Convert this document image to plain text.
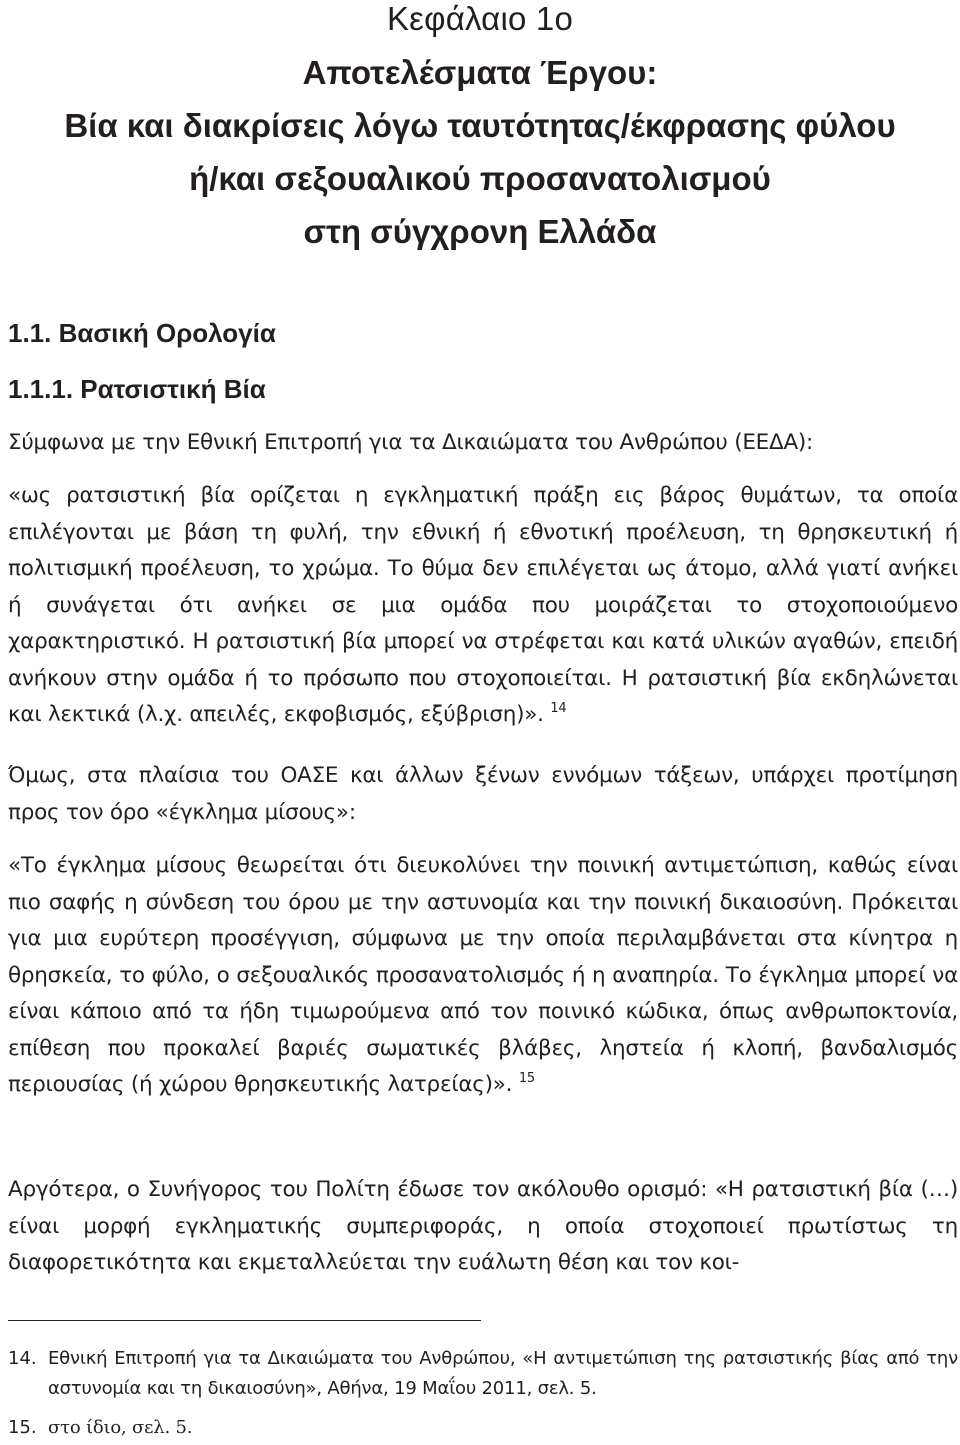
Κεφάλαιο 1ο
Αποτελέσματα Έργου:
Βία και διακρίσεις λόγω ταυτότητας/έκφρασης φύλου
ή/και σεξουαλικού προσανατολισμού
στη σύγχρονη Ελλάδα
1.1. Βασική Ορολογία
1.1.1. Ρατσιστική Βία

Σύμφωνα με την Εθνική Επιτροπή για τα Δικαιώματα του Ανθρώπου (ΕΕΔΑ):

«ως ρατσιστική βία ορίζεται η εγκληματική πράξη εις βάρος θυμάτων, τα οποία επιλέγονται με βάση τη φυλή, την εθνική ή εθνοτική προέλευση, τη θρησκευτική ή πολιτισμική προέλευση, το χρώμα. Το θύμα δεν επιλέγεται ως άτομο, αλλά γιατί ανήκει ή συνάγεται ότι ανήκει σε μια ομάδα που μοιράζεται το στοχοποιούμενο χαρακτηριστικό. Η ρατσιστική βία μπορεί να στρέφεται και κατά υλικών αγαθών, επειδή ανήκουν στην ομάδα ή το πρόσωπο που στοχοποιείται. Η ρατσιστική βία εκδηλώνεται και λεκτικά (λ.χ. απειλές, εκφοβισμός, εξύβριση)». $^{14}$

Όμως, στα πλαίσια του ΟΑΣΕ και άλλων ξένων εννόμων τάξεων, υπάρχει προτίμηση προς τον όρο «έγκλημα μίσους»:

«Το έγκλημα μίσους θεωρείται ότι διευκολύνει την ποινική αντιμετώπιση, καθώς είναι πιο σαφής η σύνδεση του όρου με την αστυνομία και την ποινική δικαιοσύνη. Πρόκειται για μια ευρύτερη προσέγγιση, σύμφωνα με την οποία περιλαμβάνεται στα κίνητρα η θρησκεία, το φύλο, ο σεξουαλικός προσανατολισμός ή η αναπηρία. Το έγκλημα μπορεί να είναι κάποιο από τα ήδη τιμωρούμενα από τον ποινικό κώδικα, όπως ανθρωποκτονία, επίθεση που προκαλεί βαριές σωματικές βλάβες, ληστεία ή κλοπή, βανδαλισμός περιουσίας (ή χώρου θρησκευτικής λατρείας)». $^{15}$

Αργότερα, ο Συνήγορος του Πολίτη έδωσε τον ακόλουθο ορισμό: «Η ρατσιστική βία (…) είναι μορφή εγκληματικής συμπεριφοράς, η οποία στοχοποιεί πρωτίστως τη διαφορετικότητα και εκμεταλλεύεται την ευάλωτη θέση και τον κοι-

14. Εθνική Επιτροπή για τα Δικαιώματα του Ανθρώπου, «Η αντιμετώπιση της ρατσιστικής βίας από την αστυνομία και τη δικαιοσύνη», Αθήνα, 19 Μαΐου 2011, σελ. 5.
15. στο ίδιο, σελ. 5.
